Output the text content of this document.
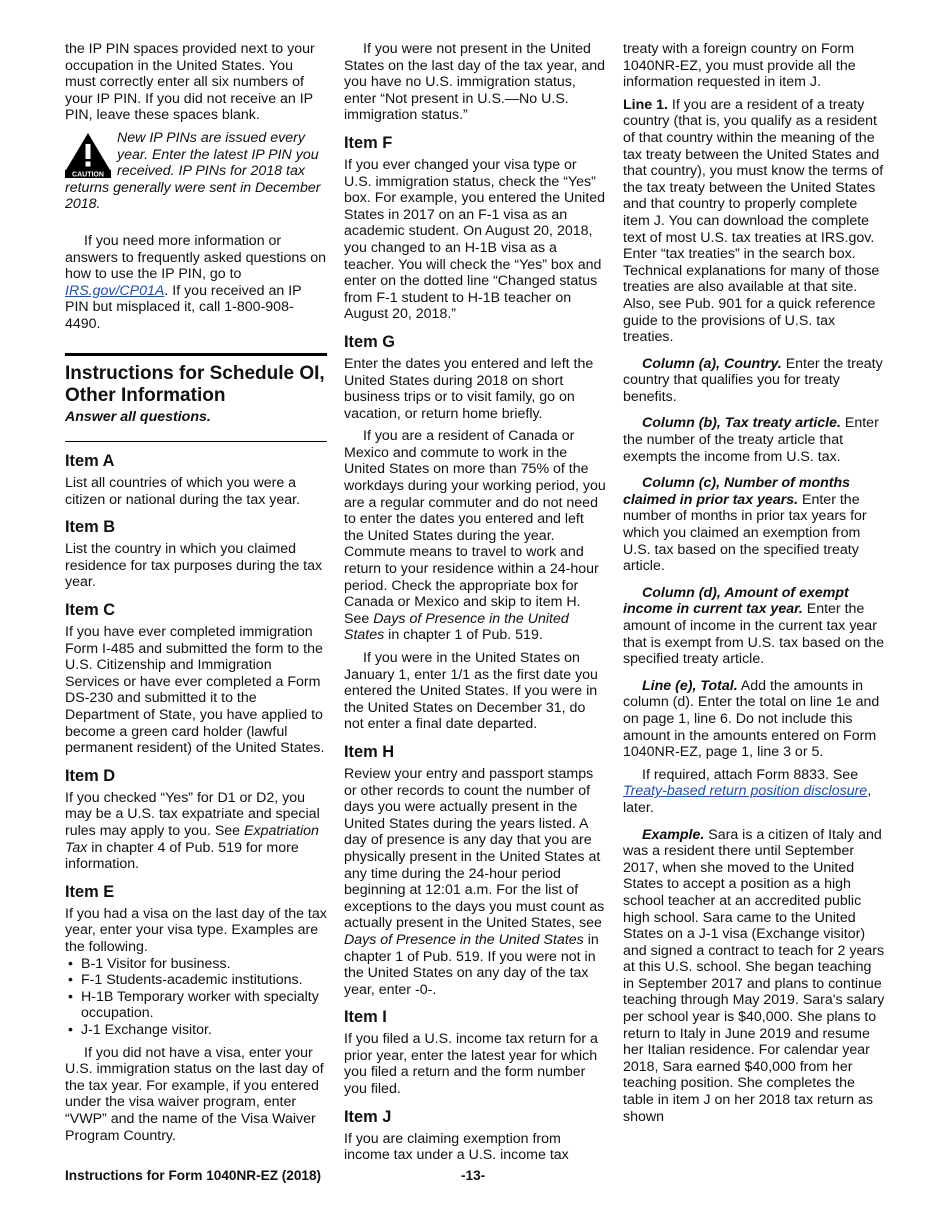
the IP PIN spaces provided next to your occupation in the United States. You must correctly enter all six numbers of your IP PIN. If you did not receive an IP PIN, leave these spaces blank.

CAUTION
New IP PINs are issued every year. Enter the latest IP PIN you received. IP PINs for 2018 tax returns generally were sent in December 2018.

If you need more information or answers to frequently asked questions on how to use the IP PIN, go to IRS.gov/CP01A. If you received an IP PIN but misplaced it, call 1-800-908-4490.

Instructions for Schedule OI, Other Information
Answer all questions.
Item A

List all countries of which you were a citizen or national during the tax year.

Item B

List the country in which you claimed residence for tax purposes during the tax year.

Item C

If you have ever completed immigration Form I-485 and submitted the form to the U.S. Citizenship and Immigration Services or have ever completed a Form DS-230 and submitted it to the Department of State, you have applied to become a green card holder (lawful permanent resident) of the United States.

Item D

If you checked “Yes” for D1 or D2, you may be a U.S. tax expatriate and special rules may apply to you. See Expatriation Tax in chapter 4 of Pub. 519 for more information.

Item E

If you had a visa on the last day of the tax year, enter your visa type. Examples are the following.

• B-1 Visitor for business.
• F-1 Students-academic institutions.
• H-1B Temporary worker with specialty occupation.
• J-1 Exchange visitor.

If you did not have a visa, enter your U.S. immigration status on the last day of the tax year. For example, if you entered under the visa waiver program, enter “VWP” and the name of the Visa Waiver Program Country.

If you were not present in the United States on the last day of the tax year, and you have no U.S. immigration status, enter “Not present in U.S.—No U.S. immigration status.”

Item F

If you ever changed your visa type or U.S. immigration status, check the “Yes” box. For example, you entered the United States in 2017 on an F-1 visa as an academic student. On August 20, 2018, you changed to an H-1B visa as a teacher. You will check the “Yes” box and enter on the dotted line “Changed status from F-1 student to H-1B teacher on August 20, 2018.”

Item G

Enter the dates you entered and left the United States during 2018 on short business trips or to visit family, go on vacation, or return home briefly.

If you are a resident of Canada or Mexico and commute to work in the United States on more than 75% of the workdays during your working period, you are a regular commuter and do not need to enter the dates you entered and left the United States during the year. Commute means to travel to work and return to your residence within a 24-hour period. Check the appropriate box for Canada or Mexico and skip to item H. See Days of Presence in the United States in chapter 1 of Pub. 519.

If you were in the United States on January 1, enter 1/1 as the first date you entered the United States. If you were in the United States on December 31, do not enter a final date departed.

Item H

Review your entry and passport stamps or other records to count the number of days you were actually present in the United States during the years listed. A day of presence is any day that you are physically present in the United States at any time during the 24-hour period beginning at 12:01 a.m. For the list of exceptions to the days you must count as actually present in the United States, see Days of Presence in the United States in chapter 1 of Pub. 519. If you were not in the United States on any day of the tax year, enter -0-.

Item I

If you filed a U.S. income tax return for a prior year, enter the latest year for which you filed a return and the form number you filed.

Item J

If you are claiming exemption from income tax under a U.S. income tax

treaty with a foreign country on Form 1040NR-EZ, you must provide all the information requested in item J.

Line 1. If you are a resident of a treaty country (that is, you qualify as a resident of that country within the meaning of the tax treaty between the United States and that country), you must know the terms of the tax treaty between the United States and that country to properly complete item J. You can download the complete text of most U.S. tax treaties at IRS.gov. Enter “tax treaties” in the search box. Technical explanations for many of those treaties are also available at that site. Also, see Pub. 901 for a quick reference guide to the provisions of U.S. tax treaties.

Column (a), Country. Enter the treaty country that qualifies you for treaty benefits.

Column (b), Tax treaty article. Enter the number of the treaty article that exempts the income from U.S. tax.

Column (c), Number of months claimed in prior tax years. Enter the number of months in prior tax years for which you claimed an exemption from U.S. tax based on the specified treaty article.

Column (d), Amount of exempt income in current tax year. Enter the amount of income in the current tax year that is exempt from U.S. tax based on the specified treaty article.

Line (e), Total. Add the amounts in column (d). Enter the total on line 1e and on page 1, line 6. Do not include this amount in the amounts entered on Form 1040NR-EZ, page 1, line 3 or 5.

If required, attach Form 8833. See Treaty-based return position disclosure, later.

Example. Sara is a citizen of Italy and was a resident there until September 2017, when she moved to the United States to accept a position as a high school teacher at an accredited public high school. Sara came to the United States on a J-1 visa (Exchange visitor) and signed a contract to teach for 2 years at this U.S. school. She began teaching in September 2017 and plans to continue teaching through May 2019. Sara's salary per school year is $40,000. She plans to return to Italy in June 2019 and resume her Italian residence. For calendar year 2018, Sara earned $40,000 from her teaching position. She completes the table in item J on her 2018 tax return as shown

Instructions for Form 1040NR-EZ (2018)	-13-
